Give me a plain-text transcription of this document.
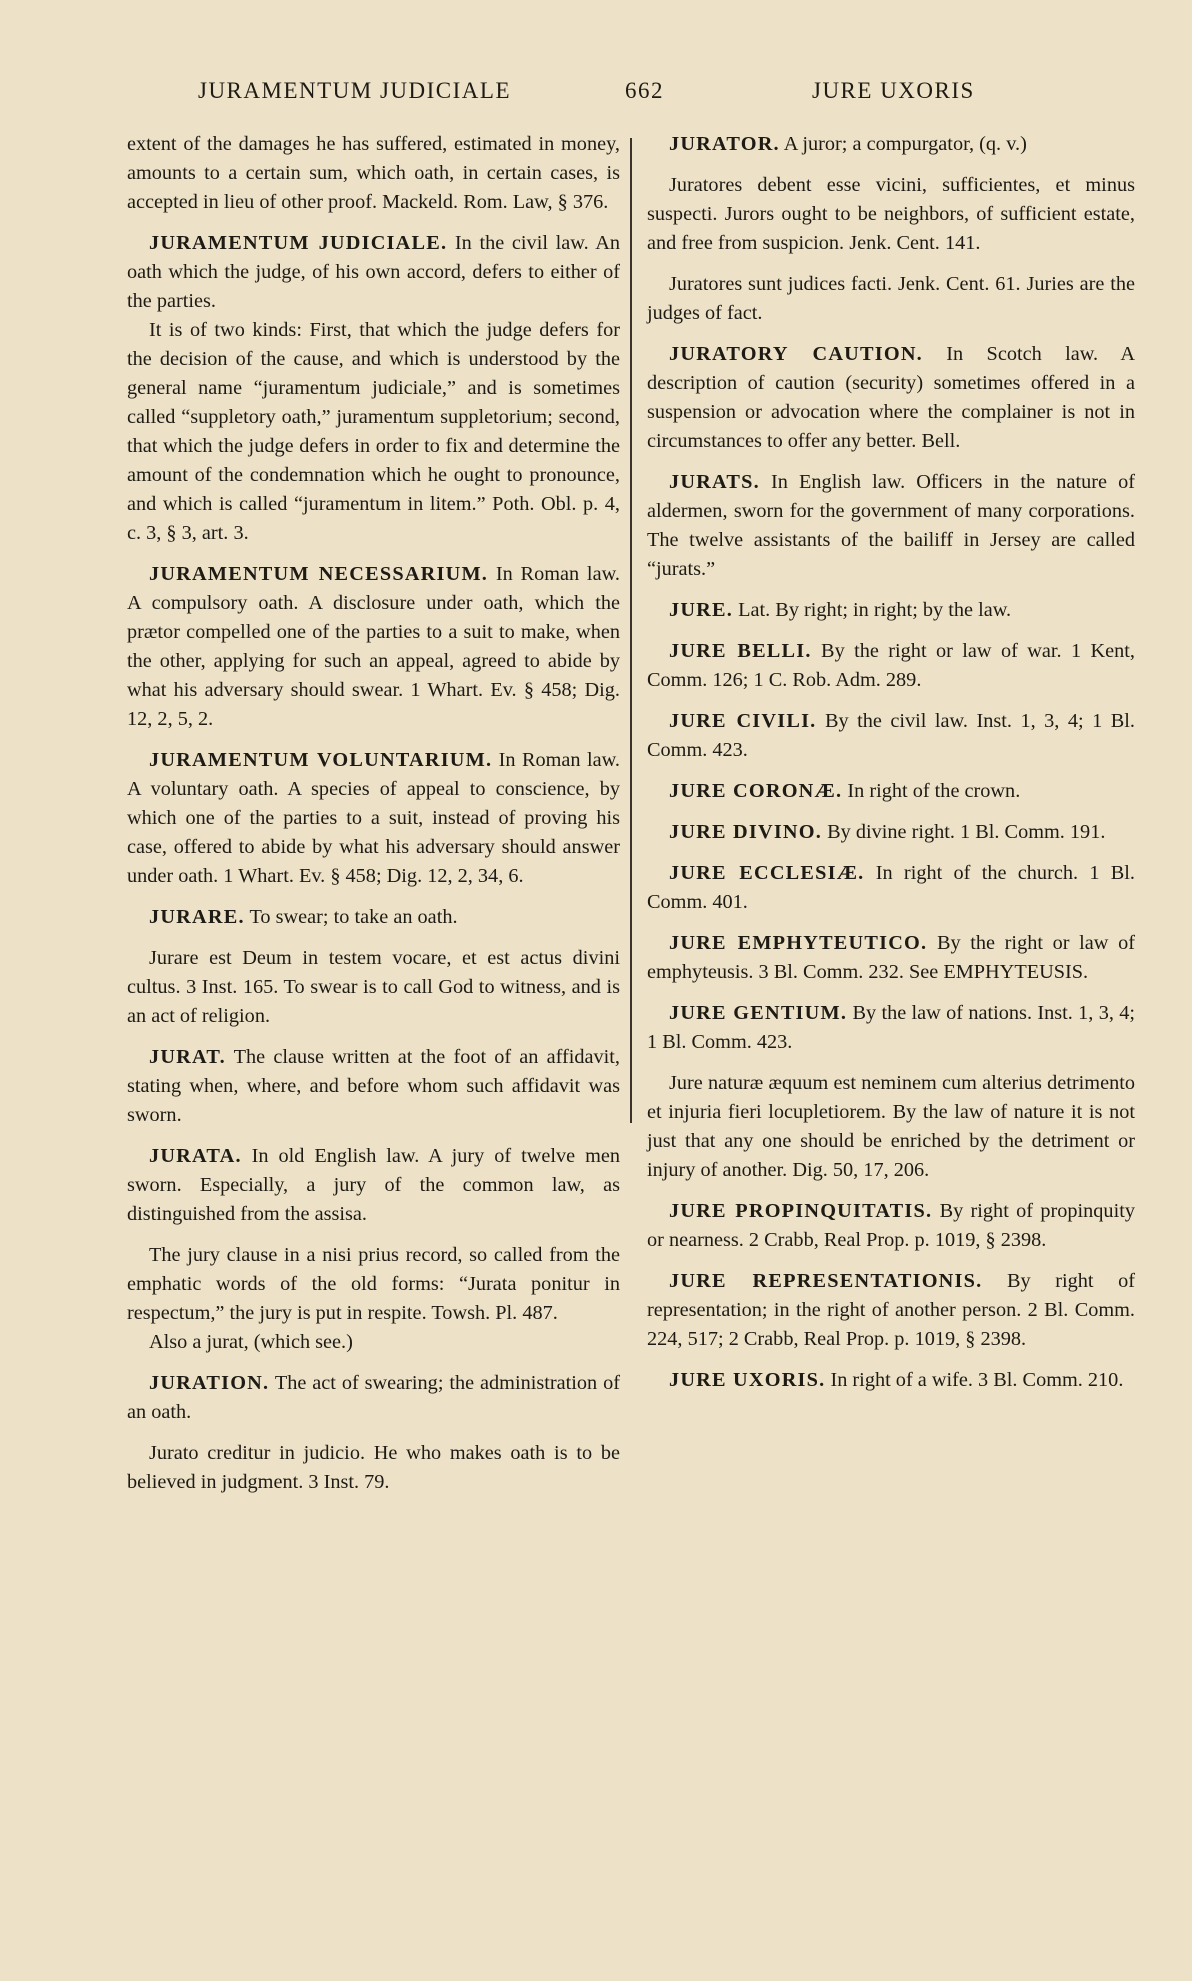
JURAMENTUM JUDICIALE	662	JURE UXORIS

extent of the damages he has suffered, estimated in money, amounts to a certain sum, which oath, in certain cases, is accepted in lieu of other proof. Mackeld. Rom. Law, § 376.

JURAMENTUM JUDICIALE. In the civil law. An oath which the judge, of his own accord, defers to either of the parties.

It is of two kinds: First, that which the judge defers for the decision of the cause, and which is understood by the general name “juramentum judiciale,” and is sometimes called “suppletory oath,” juramentum suppletorium; second, that which the judge defers in order to fix and determine the amount of the condemnation which he ought to pronounce, and which is called “juramentum in litem.” Poth. Obl. p. 4, c. 3, § 3, art. 3.

JURAMENTUM NECESSARIUM. In Roman law. A compulsory oath. A disclosure under oath, which the prætor compelled one of the parties to a suit to make, when the other, applying for such an appeal, agreed to abide by what his adversary should swear. 1 Whart. Ev. § 458; Dig. 12, 2, 5, 2.

JURAMENTUM VOLUNTARIUM. In Roman law. A voluntary oath. A species of appeal to conscience, by which one of the parties to a suit, instead of proving his case, offered to abide by what his adversary should answer under oath. 1 Whart. Ev. § 458; Dig. 12, 2, 34, 6.

JURARE. To swear; to take an oath.

Jurare est Deum in testem vocare, et est actus divini cultus. 3 Inst. 165. To swear is to call God to witness, and is an act of religion.

JURAT. The clause written at the foot of an affidavit, stating when, where, and before whom such affidavit was sworn.

JURATA. In old English law. A jury of twelve men sworn. Especially, a jury of the common law, as distinguished from the assisa.

The jury clause in a nisi prius record, so called from the emphatic words of the old forms: “Jurata ponitur in respectum,” the jury is put in respite. Towsh. Pl. 487.

Also a jurat, (which see.)

JURATION. The act of swearing; the administration of an oath.

Jurato creditur in judicio. He who makes oath is to be believed in judgment. 3 Inst. 79.

JURATOR. A juror; a compurgator, (q. v.)

Juratores debent esse vicini, sufficientes, et minus suspecti. Jurors ought to be neighbors, of sufficient estate, and free from suspicion. Jenk. Cent. 141.

Juratores sunt judices facti. Jenk. Cent. 61. Juries are the judges of fact.

JURATORY CAUTION. In Scotch law. A description of caution (security) sometimes offered in a suspension or advocation where the complainer is not in circumstances to offer any better. Bell.

JURATS. In English law. Officers in the nature of aldermen, sworn for the government of many corporations. The twelve assistants of the bailiff in Jersey are called “jurats.”

JURE. Lat. By right; in right; by the law.

JURE BELLI. By the right or law of war. 1 Kent, Comm. 126; 1 C. Rob. Adm. 289.

JURE CIVILI. By the civil law. Inst. 1, 3, 4; 1 Bl. Comm. 423.

JURE CORONÆ. In right of the crown.

JURE DIVINO. By divine right. 1 Bl. Comm. 191.

JURE ECCLESIÆ. In right of the church. 1 Bl. Comm. 401.

JURE EMPHYTEUTICO. By the right or law of emphyteusis. 3 Bl. Comm. 232. See EMPHYTEUSIS.

JURE GENTIUM. By the law of nations. Inst. 1, 3, 4; 1 Bl. Comm. 423.

Jure naturæ æquum est neminem cum alterius detrimento et injuria fieri locupletiorem. By the law of nature it is not just that any one should be enriched by the detriment or injury of another. Dig. 50, 17, 206.

JURE PROPINQUITATIS. By right of propinquity or nearness. 2 Crabb, Real Prop. p. 1019, § 2398.

JURE REPRESENTATIONIS. By right of representation; in the right of another person. 2 Bl. Comm. 224, 517; 2 Crabb, Real Prop. p. 1019, § 2398.

JURE UXORIS. In right of a wife. 3 Bl. Comm. 210.
